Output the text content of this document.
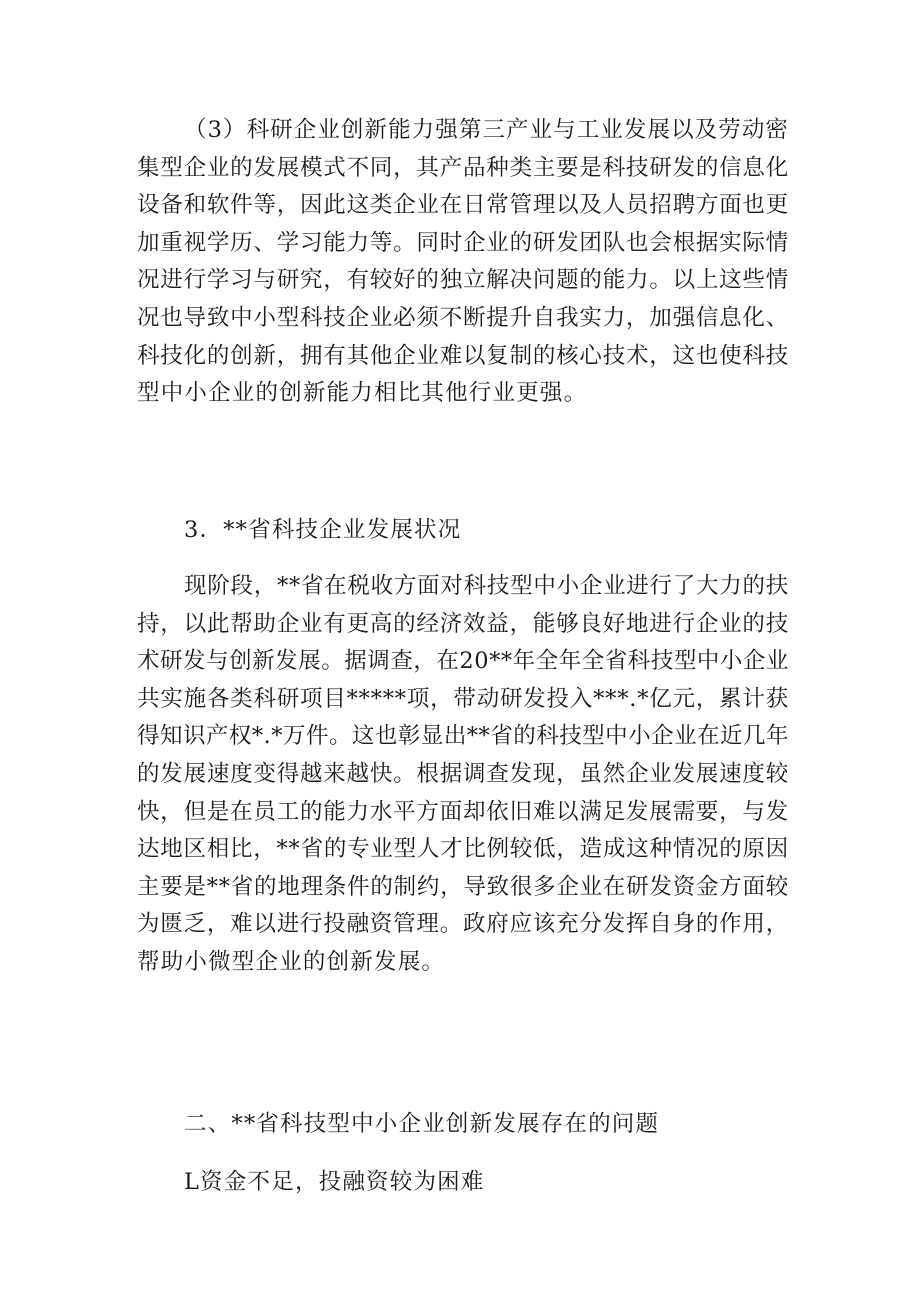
（3）科研企业创新能力强第三产业与工业发展以及劳动密
集型企业的发展模式不同，其产品种类主要是科技研发的信息化
设备和软件等，因此这类企业在日常管理以及人员招聘方面也更
加重视学历、学习能力等。同时企业的研发团队也会根据实际情
况进行学习与研究，有较好的独立解决问题的能力。以上这些情
况也导致中小型科技企业必须不断提升自我实力，加强信息化、
科技化的创新，拥有其他企业难以复制的核心技术，这也使科技
型中小企业的创新能力相比其他行业更强。
3．**省科技企业发展状况
现阶段，**省在税收方面对科技型中小企业进行了大力的扶
持，以此帮助企业有更高的经济效益，能够良好地进行企业的技
术研发与创新发展。据调查，在20**年全年全省科技型中小企业
共实施各类科研项目*****项，带动研发投入***.*亿元，累计获
得知识产权*.*万件。这也彰显出**省的科技型中小企业在近几年
的发展速度变得越来越快。根据调查发现，虽然企业发展速度较
快，但是在员工的能力水平方面却依旧难以满足发展需要，与发
达地区相比，**省的专业型人才比例较低，造成这种情况的原因
主要是**省的地理条件的制约，导致很多企业在研发资金方面较
为匮乏，难以进行投融资管理。政府应该充分发挥自身的作用，
帮助小微型企业的创新发展。
二、**省科技型中小企业创新发展存在的问题
L资金不足，投融资较为困难
